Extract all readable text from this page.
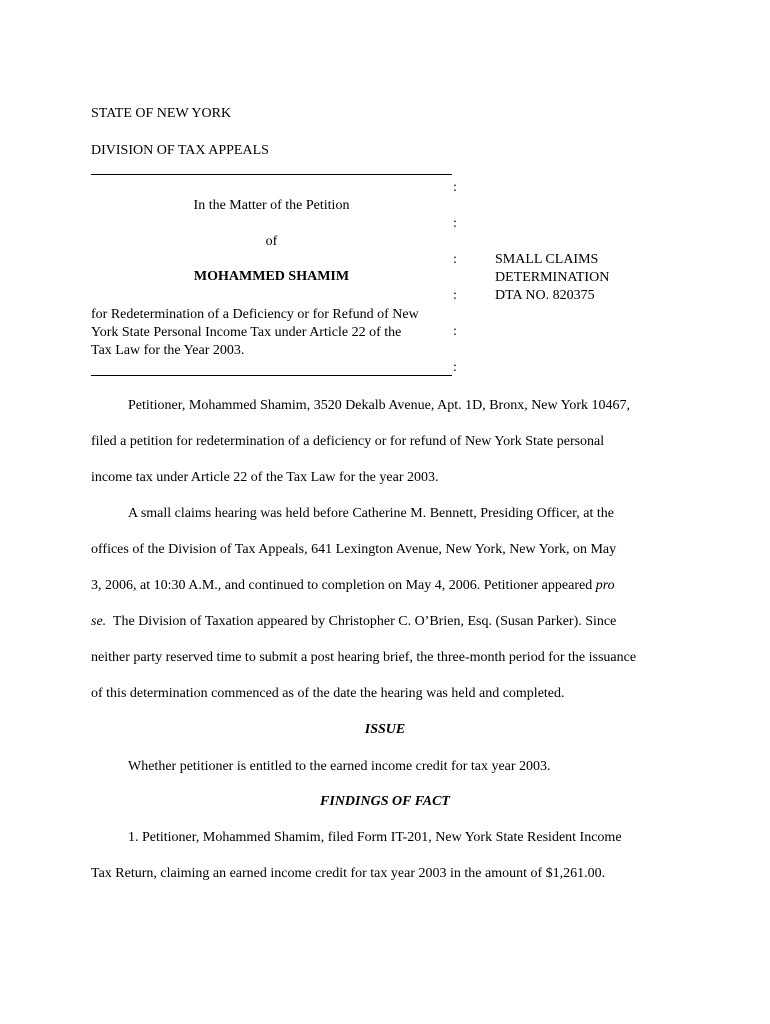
STATE OF NEW YORK
DIVISION OF TAX APPEALS
:
:
:
:
:
:
In the Matter of the Petition
of
MOHAMMED SHAMIM
for Redetermination of a Deficiency or for Refund of New
York State Personal Income Tax under Article 22 of the
Tax Law for the Year 2003.
SMALL CLAIMS
DETERMINATION
DTA NO. 820375
Petitioner, Mohammed Shamim, 3520 Dekalb Avenue, Apt. 1D, Bronx, New York 10467,
filed a petition for redetermination of a deficiency or for refund of New York State personal
income tax under Article 22 of the Tax Law for the year 2003.
A small claims hearing was held before Catherine M. Bennett, Presiding Officer, at the
offices of the Division of Tax Appeals, 641 Lexington Avenue, New York, New York, on May
3, 2006, at 10:30 A.M., and continued to completion on May 4, 2006. Petitioner appeared pro
se. The Division of Taxation appeared by Christopher C. O’Brien, Esq. (Susan Parker). Since
neither party reserved time to submit a post hearing brief, the three-month period for the issuance
of this determination commenced as of the date the hearing was held and completed.
ISSUE
Whether petitioner is entitled to the earned income credit for tax year 2003.
FINDINGS OF FACT
1. Petitioner, Mohammed Shamim, filed Form IT-201, New York State Resident Income
Tax Return, claiming an earned income credit for tax year 2003 in the amount of $1,261.00.
